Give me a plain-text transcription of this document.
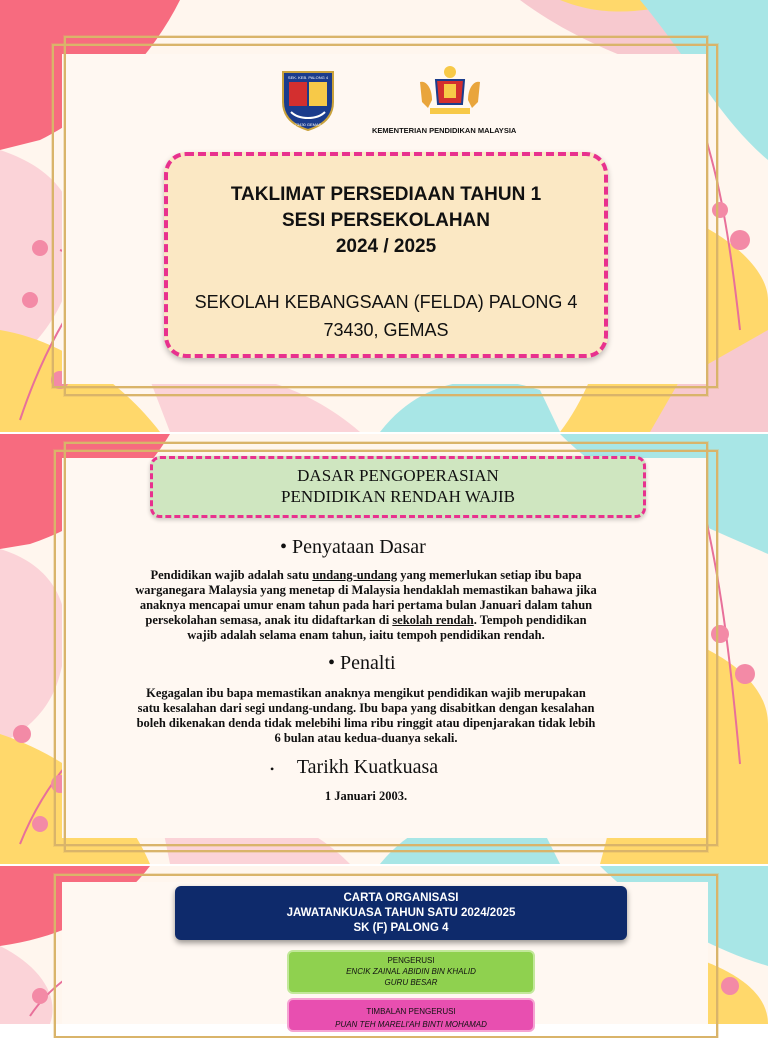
SEK. KEB. PALONG 4
73430 GEMAS
KEMENTERIAN PENDIDIKAN MALAYSIA
TAKLIMAT PERSEDIAAN TAHUN 1
SESI PERSEKOLAHAN
2024 / 2025
SEKOLAH KEBANGSAAN (FELDA) PALONG 4
73430, GEMAS
DASAR PENGOPERASIAN
PENDIDIKAN RENDAH WAJIB
• Penyataan Dasar
Pendidikan wajib adalah satu undang-undang yang memerlukan setiap ibu bapa
warganegara Malaysia yang menetap di Malaysia hendaklah memastikan bahawa jika
anaknya mencapai umur enam tahun pada hari pertama bulan Januari dalam tahun
persekolahan semasa, anak itu didaftarkan di sekolah rendah. Tempoh pendidikan
wajib adalah selama enam tahun, iaitu tempoh pendidikan rendah.
• Penalti
Kegagalan ibu bapa memastikan anaknya mengikut pendidikan wajib merupakan
satu kesalahan dari segi undang-undang. Ibu bapa yang disabitkan dengan kesalahan
boleh dikenakan denda tidak melebihi lima ribu ringgit atau dipenjarakan tidak lebih
6 bulan atau kedua-duanya sekali.
• Tarikh Kuatkuasa
1 Januari 2003.
CARTA ORGANISASI
JAWATANKUASA TAHUN SATU 2024/2025
SK (F) PALONG 4
PENGERUSI
ENCIK ZAINAL ABIDIN BIN KHALID
GURU BESAR
TIMBALAN PENGERUSI
PUAN TEH MARELI'AH BINTI MOHAMAD
